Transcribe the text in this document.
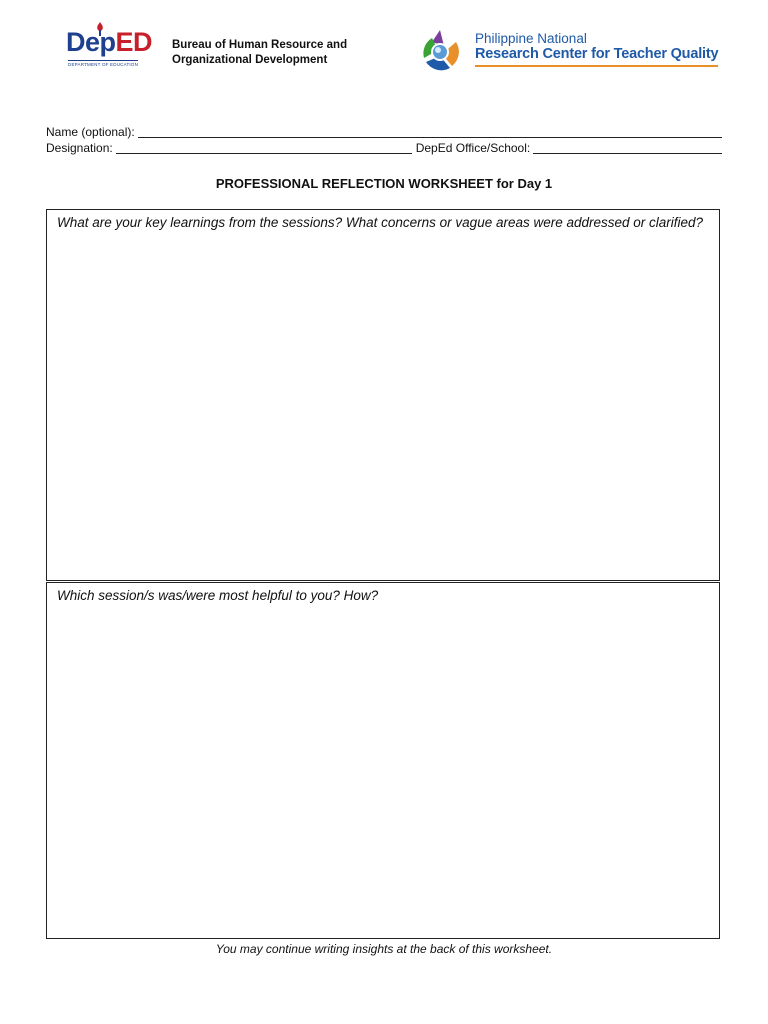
DepED
DEPARTMENT OF EDUCATION
Bureau of Human Resource and
Organizational Development
Philippine National
Research Center for Teacher Quality
Name (optional):
Designation:	DepEd Office/School:
PROFESSIONAL REFLECTION WORKSHEET for Day 1
What are your key learnings from the sessions? What concerns or vague areas were addressed or clarified?
Which session/s was/were most helpful to you? How?
You may continue writing insights at the back of this worksheet.
